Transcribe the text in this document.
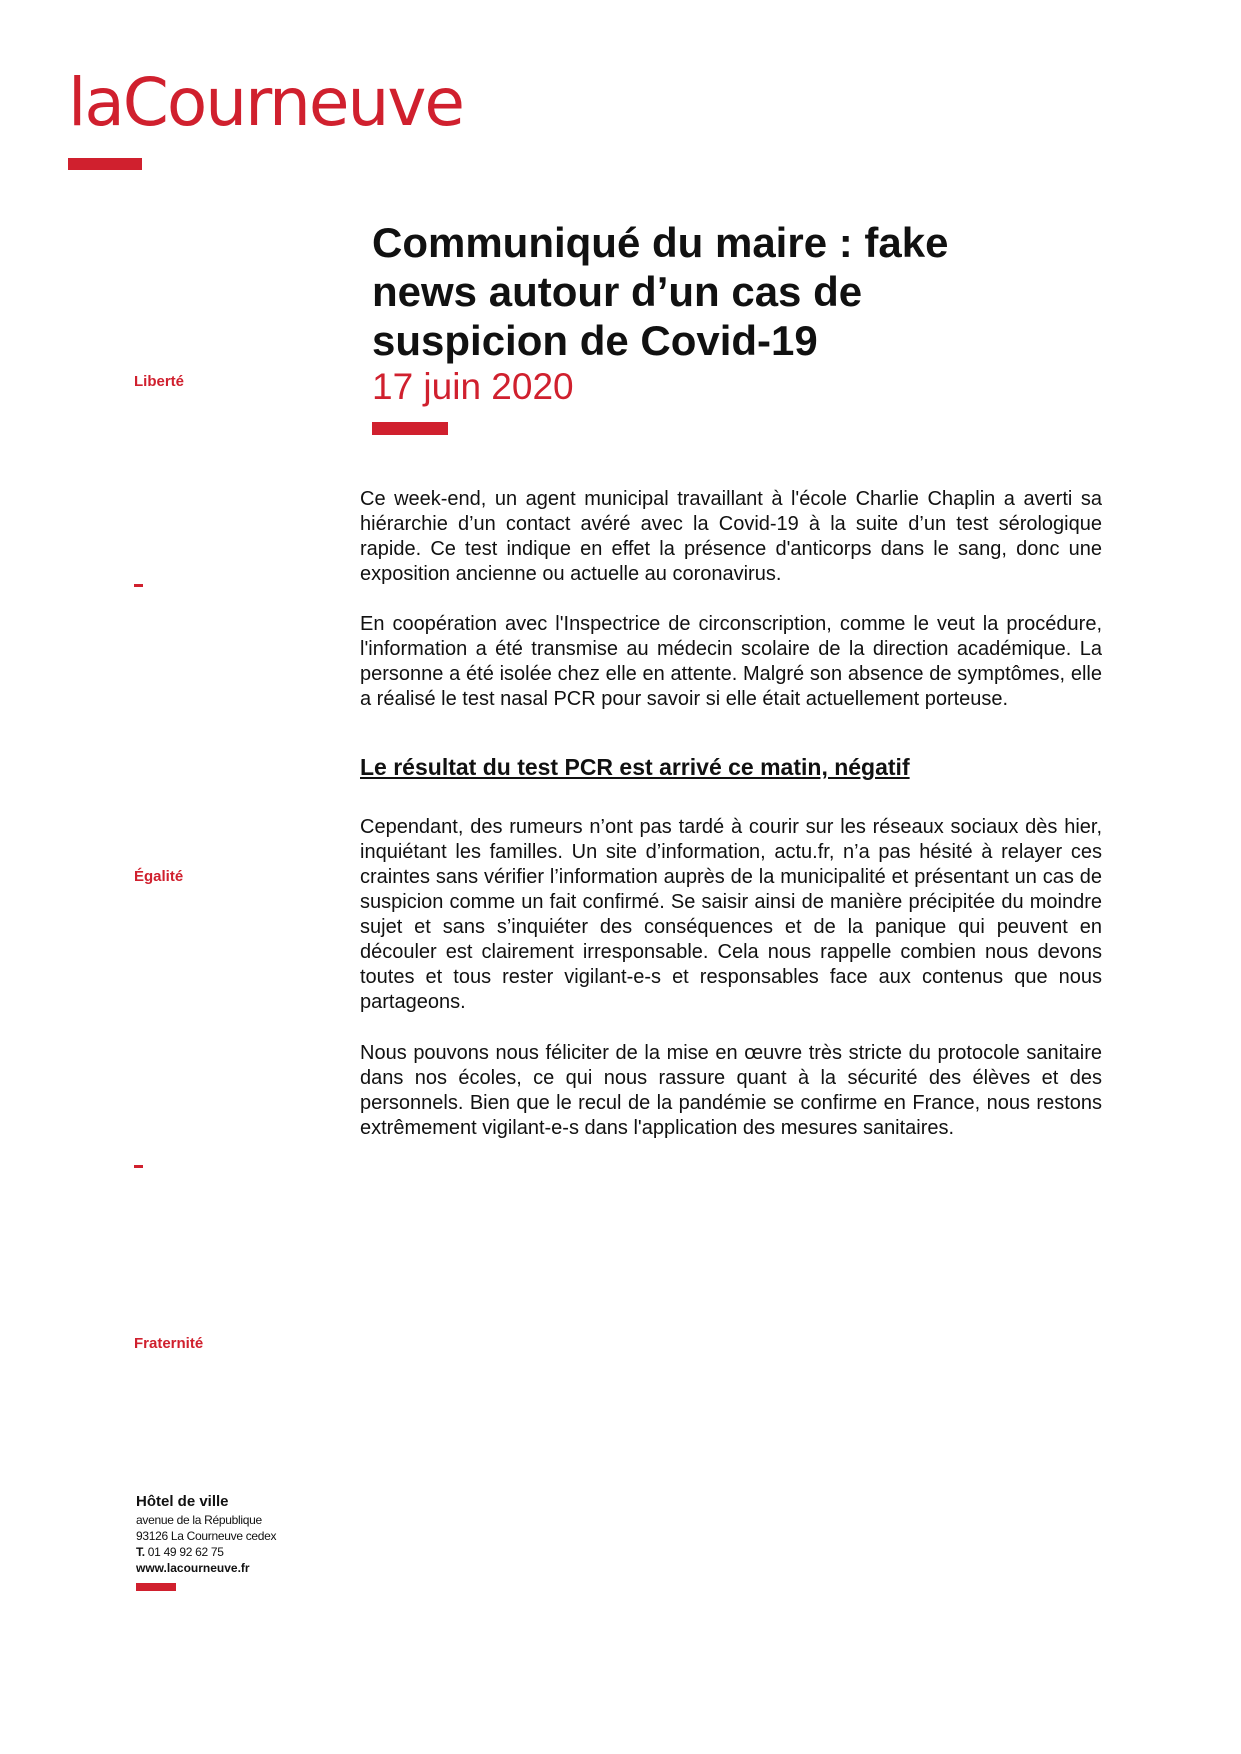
laCourneuve
Liberté
Égalité
Fraternité
Communiqué du maire : fake news autour d’un cas de suspicion de Covid-19
17 juin 2020

Ce week-end, un agent municipal travaillant à l'école Charlie Chaplin a averti sa hiérarchie d’un contact avéré avec la Covid-19 à la suite d’un test sérologique rapide. Ce test indique en effet la présence d'anticorps dans le sang, donc une exposition ancienne ou actuelle au coronavirus.

En coopération avec l'Inspectrice de circonscription, comme le veut la procédure, l'information a été transmise au médecin scolaire de la direction académique. La personne a été isolée chez elle en attente. Malgré son absence de symptômes, elle a réalisé le test nasal PCR pour savoir si elle était actuellement porteuse.

Le résultat du test PCR est arrivé ce matin, négatif

Cependant, des rumeurs n’ont pas tardé à courir sur les réseaux sociaux dès hier, inquiétant les familles. Un site d’information, actu.fr, n’a pas hésité à relayer ces craintes sans vérifier l’information auprès de la municipalité et présentant un cas de suspicion comme un fait confirmé. Se saisir ainsi de manière précipitée du moindre sujet et sans s’inquiéter des conséquences et de la panique qui peuvent en découler est clairement irresponsable. Cela nous rappelle combien nous devons toutes et tous rester vigilant-e-s et responsables face aux contenus que nous partageons.

Nous pouvons nous féliciter de la mise en œuvre très stricte du protocole sanitaire dans nos écoles, ce qui nous rassure quant à la sécurité des élèves et des personnels. Bien que le recul de la pandémie se confirme en France, nous restons extrêmement vigilant-e-s dans l'application des mesures sanitaires.

Hôtel de ville
avenue de la République
93126 La Courneuve cedex
T. 01 49 92 62 75
www.lacourneuve.fr
